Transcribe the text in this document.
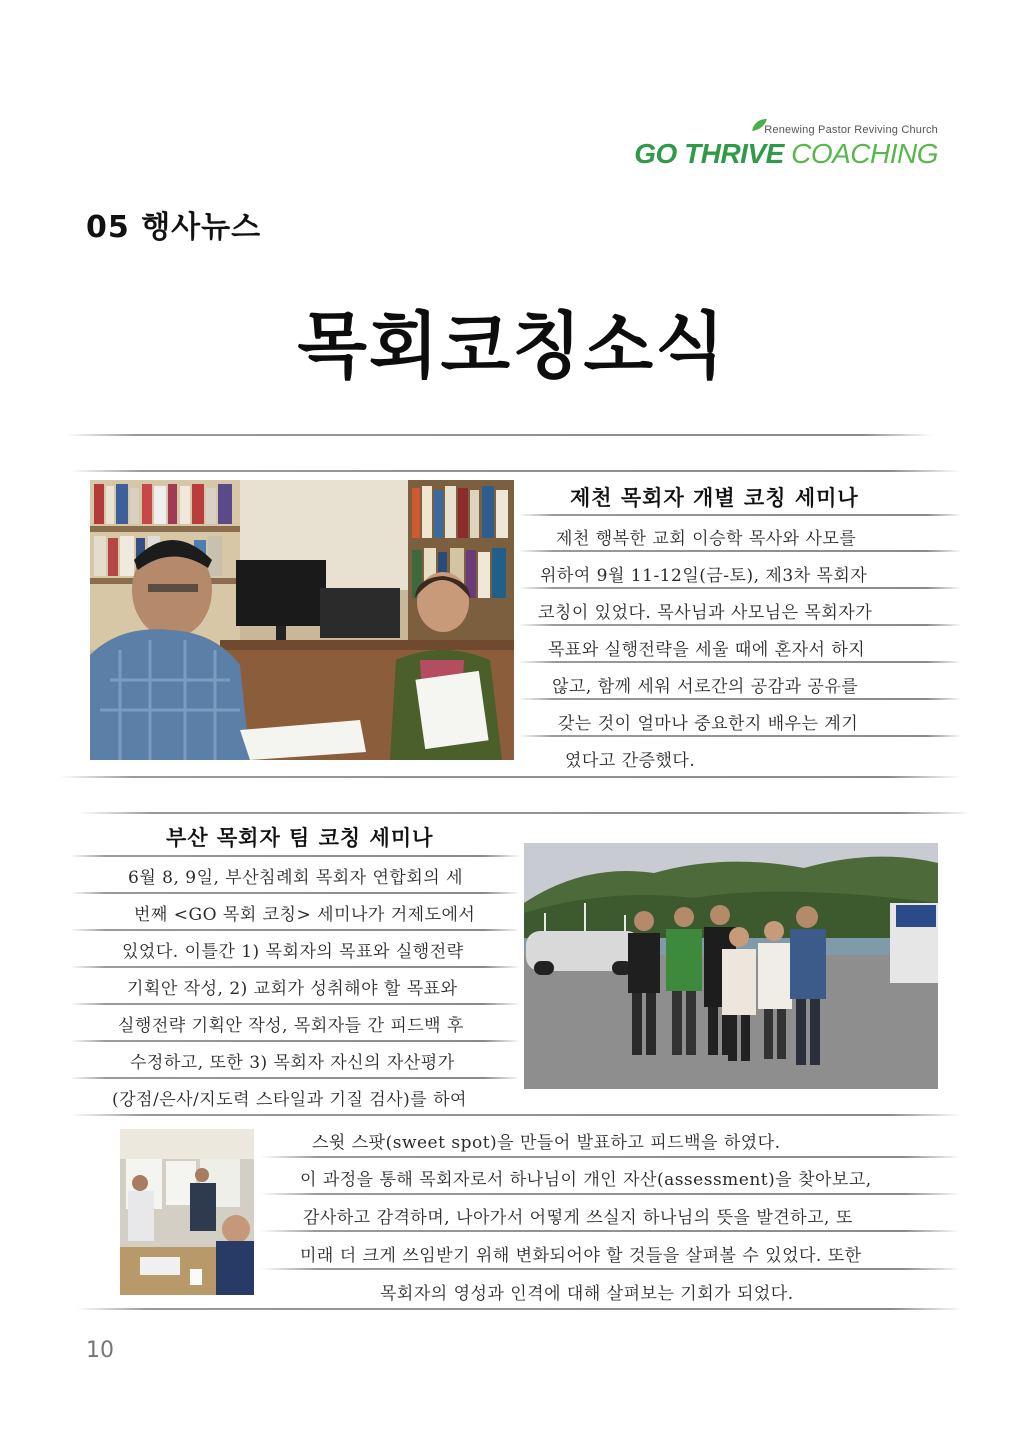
Renewing Pastor Reviving Church
GO THRIVE COACHING
05 행사뉴스
목회코칭소식
제천 목회자 개별 코칭 세미나
제천 행복한 교회 이승학 목사와 사모를
위하여 9월 11-12일(금-토), 제3차 목회자
코칭이 있었다. 목사님과 사모님은 목회자가
목표와 실행전략을 세울 때에 혼자서 하지
않고, 함께 세워 서로간의 공감과 공유를
갖는 것이 얼마나 중요한지 배우는 계기
였다고 간증했다.
부산 목회자 팀 코칭 세미나
6월 8, 9일, 부산침례회 목회자 연합회의 세
번째 <GO 목회 코칭> 세미나가 거제도에서
있었다. 이틀간 1) 목회자의 목표와 실행전략
기획안 작성, 2) 교회가 성취해야 할 목표와
실행전략 기획안 작성, 목회자들 간 피드백 후
수정하고, 또한 3) 목회자 자신의 자산평가
(강점/은사/지도력 스타일과 기질 검사)를 하여
스윗 스팟(sweet spot)을 만들어 발표하고 피드백을 하였다.
이 과정을 통해 목회자로서 하나님이 개인 자산(assessment)을 찾아보고,
감사하고 감격하며, 나아가서 어떻게 쓰실지 하나님의 뜻을 발견하고, 또
미래 더 크게 쓰임받기 위해 변화되어야 할 것들을 살펴볼 수 있었다. 또한
목회자의 영성과 인격에 대해 살펴보는 기회가 되었다.
10
